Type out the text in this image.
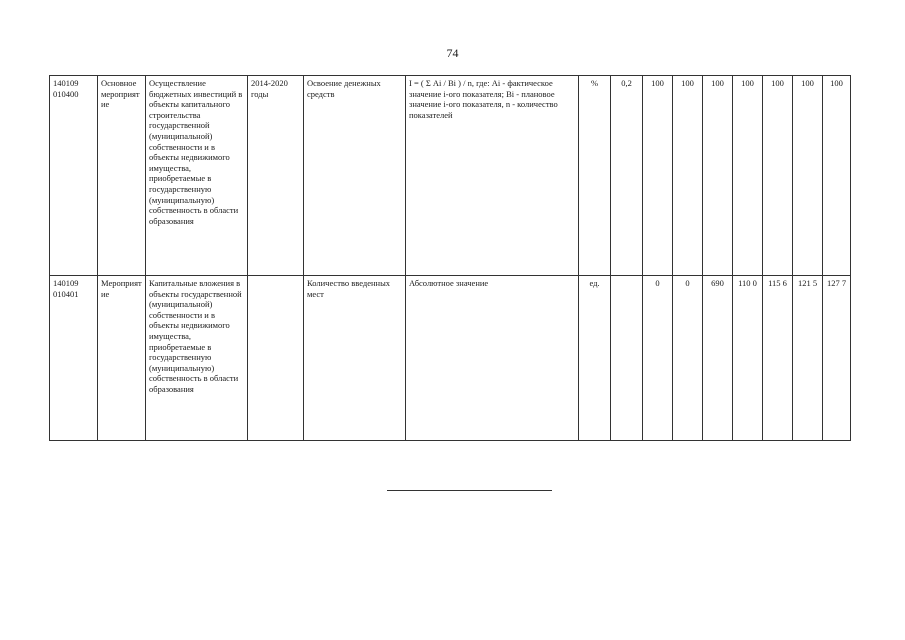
74
140109 010400	Основное мероприятие	Осуществление бюджетных инвестиций в объекты капитального строительства государственной (муниципальной) собственности и в объекты недвижимого имущества, приобретаемые в государственную (муниципальную) собственность в области образования	2014-2020 годы	Освоение денежных средств	I = ( Σ Ai / Bi ) / n, где: Ai - фактическое значение i-ого показателя; Bi - плановое значение i-ого показателя, n - количество показателей	%	0,2	100	100	100	100	100	100	100
140109 010401	Мероприятие	Капитальные вложения в объекты государственной (муниципальной) собственности и в объекты недвижимого имущества, приобретаемые в государственную (муниципальную) собственность в области образования		Количество введенных мест	Абсолютное значение	ед.		0	0	690	110 0	115 6	121 5	127 7
